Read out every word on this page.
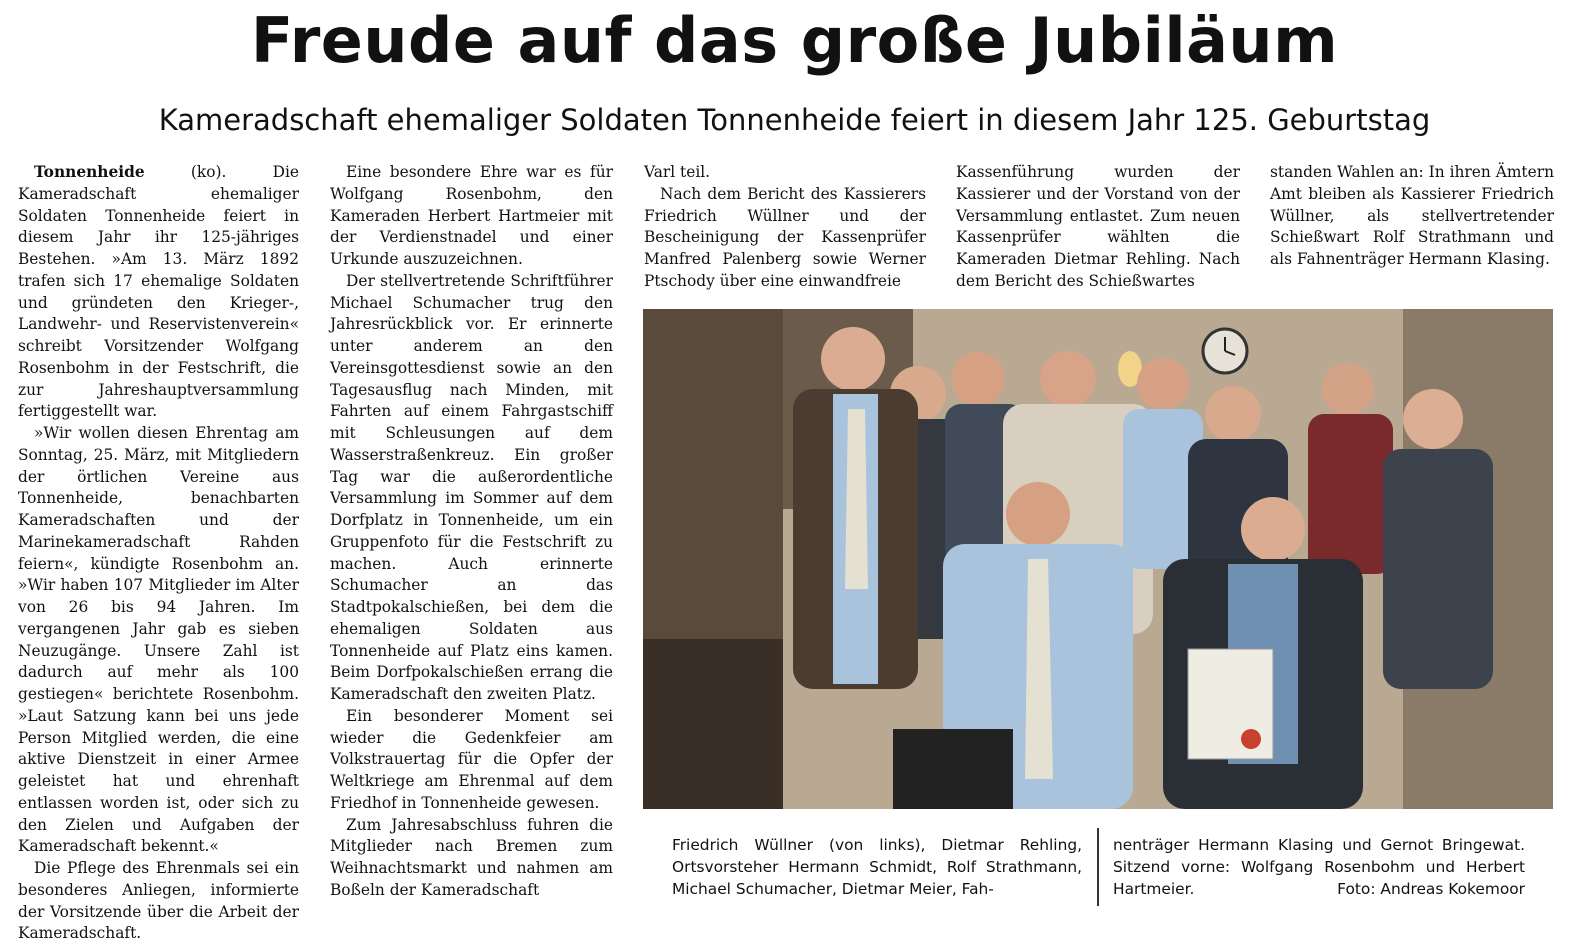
Freude auf das große Jubiläum
Kameradschaft ehemaliger Soldaten Tonnenheide feiert in diesem Jahr 125. Geburtstag

Tonnenheide (ko). Die Kameradschaft ehemaliger Soldaten Tonnenheide feiert in diesem Jahr ihr 125-jähriges Bestehen. »Am 13. März 1892 trafen sich 17 ehemalige Soldaten und gründeten den Krieger-, Landwehr- und Reservistenverein« schreibt Vorsitzender Wolfgang Rosenbohm in der Festschrift, die zur Jahreshauptversammlung fertiggestellt war.

»Wir wollen diesen Ehrentag am Sonntag, 25. März, mit Mitgliedern der örtlichen Vereine aus Tonnenheide, benachbarten Kameradschaften und der Marinekameradschaft Rahden feiern«, kündigte Rosenbohm an. »Wir haben 107 Mitglieder im Alter von 26 bis 94 Jahren. Im vergangenen Jahr gab es sieben Neuzugänge. Unsere Zahl ist dadurch auf mehr als 100 gestiegen« berichtete Rosenbohm. »Laut Satzung kann bei uns jede Person Mitglied werden, die eine aktive Dienstzeit in einer Armee geleistet hat und ehrenhaft entlassen worden ist, oder sich zu den Zielen und Aufgaben der Kameradschaft bekennt.«

Die Pflege des Ehrenmals sei ein besonderes Anliegen, informierte der Vorsitzende über die Arbeit der Kameradschaft.

Eine besondere Ehre war es für Wolfgang Rosenbohm, den Kameraden Herbert Hartmeier mit der Verdienstnadel und einer Urkunde auszuzeichnen.

Der stellvertretende Schriftführer Michael Schumacher trug den Jahresrückblick vor. Er erinnerte unter anderem an den Vereinsgottesdienst sowie an den Tagesausflug nach Minden, mit Fahrten auf einem Fahrgastschiff mit Schleusungen auf dem Wasserstraßenkreuz. Ein großer Tag war die außerordentliche Versammlung im Sommer auf dem Dorfplatz in Tonnenheide, um ein Gruppenfoto für die Festschrift zu machen. Auch erinnerte Schumacher an das Stadtpokalschießen, bei dem die ehemaligen Soldaten aus Tonnenheide auf Platz eins kamen. Beim Dorfpokalschießen errang die Kameradschaft den zweiten Platz.

Ein besonderer Moment sei wieder die Gedenkfeier am Volkstrauertag für die Opfer der Weltkriege am Ehrenmal auf dem Friedhof in Tonnenheide gewesen.

Zum Jahresabschluss fuhren die Mitglieder nach Bremen zum Weihnachtsmarkt und nahmen am Boßeln der Kameradschaft

Varl teil.

Nach dem Bericht des Kassierers Friedrich Wüllner und der Bescheinigung der Kassenprüfer Manfred Palenberg sowie Werner Ptschody über eine einwandfreie

Kassenführung wurden der Kassierer und der Vorstand von der Versammlung entlastet. Zum neuen Kassenprüfer wählten die Kameraden Dietmar Rehling. Nach dem Bericht des Schießwartes

standen Wahlen an: In ihren Ämtern Amt bleiben als Kassierer Friedrich Wüllner, als stellvertretender Schießwart Rolf Strathmann und als Fahnenträger Hermann Klasing.

Friedrich Wüllner (von links), Dietmar Rehling, Ortsvorsteher Hermann Schmidt, Rolf Strathmann, Michael Schumacher, Dietmar Meier, Fah-
nenträger Hermann Klasing und Gernot Bringewat. Sitzend vorne: Wolfgang Rosenbohm und Herbert Hartmeier.	Foto: Andreas Kokemoor
